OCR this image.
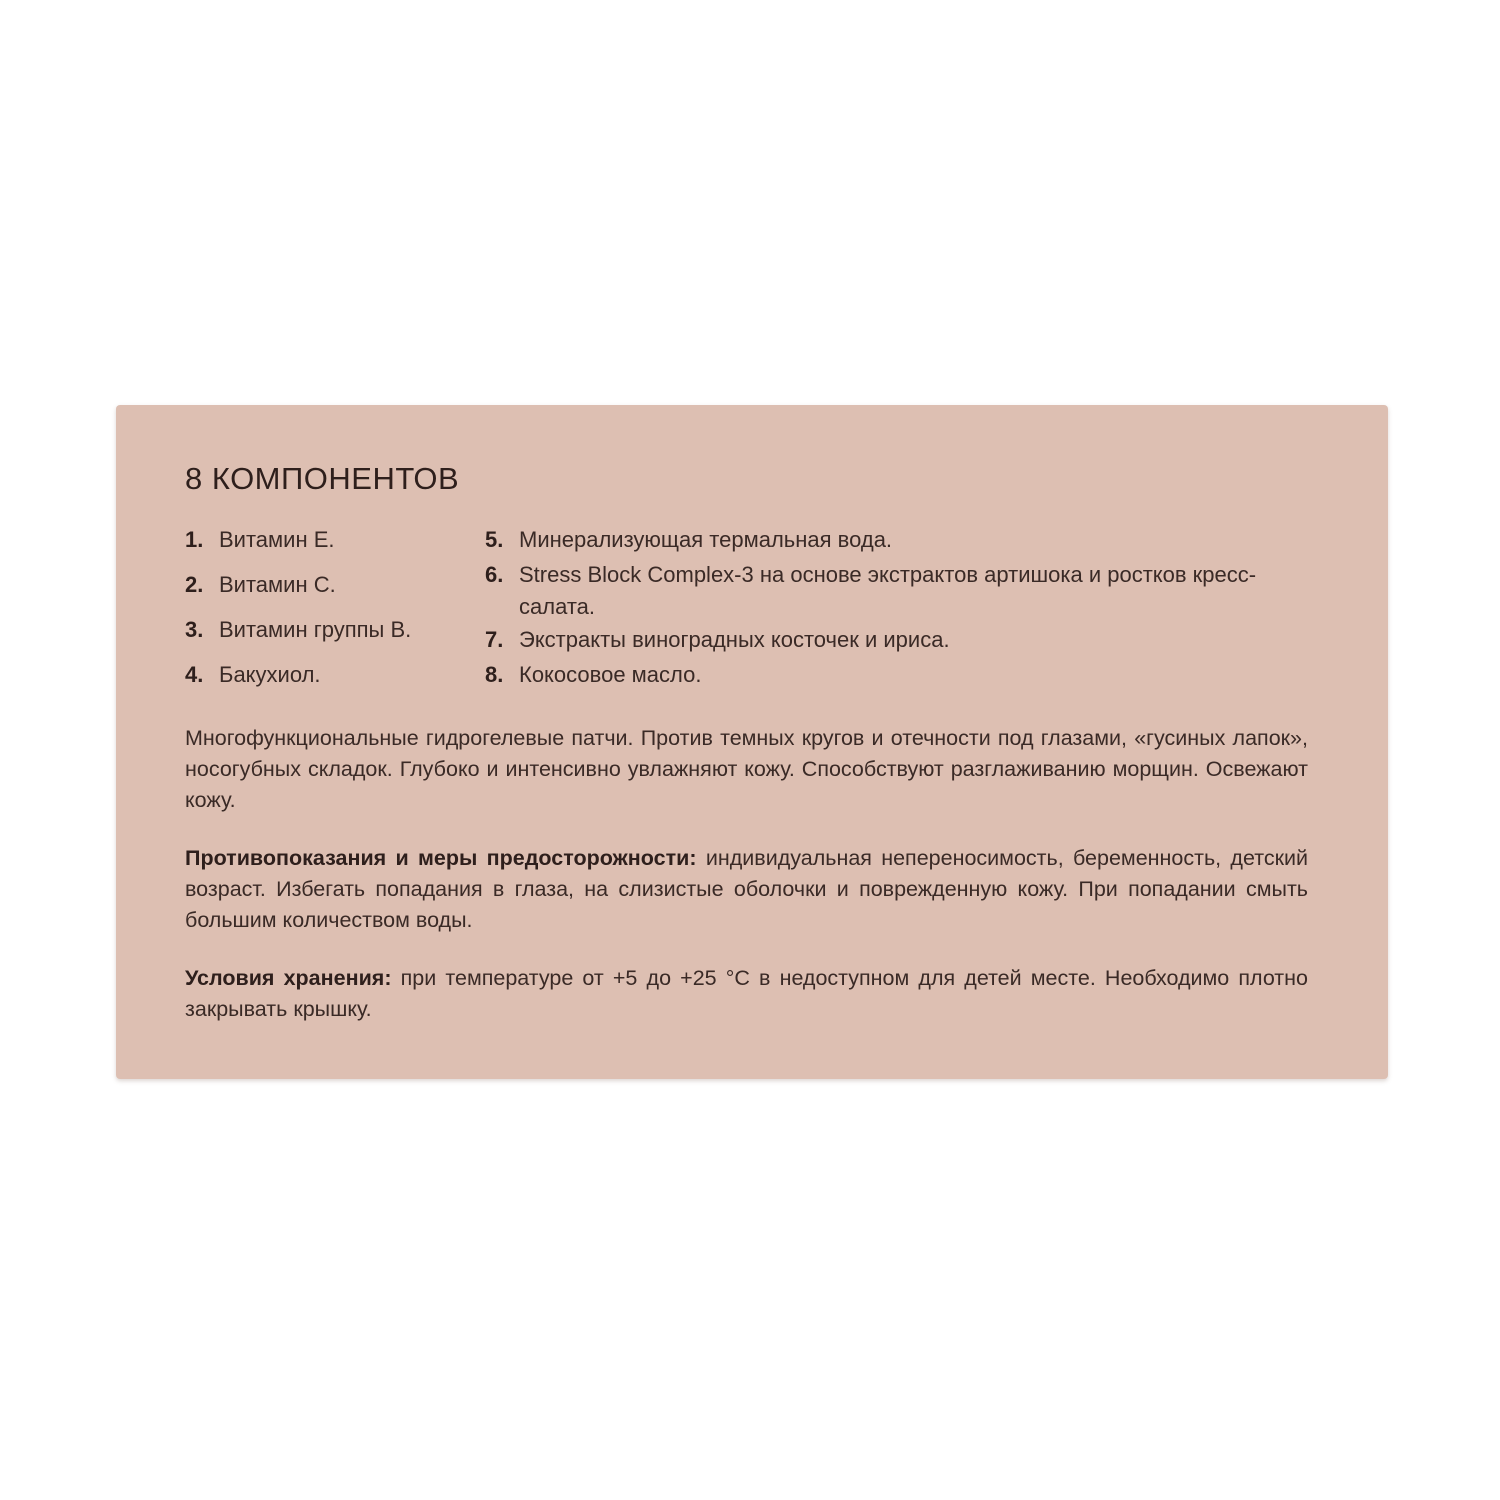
8 КОМПОНЕНТОВ
1. Витамин Е.
2. Витамин С.
3. Витамин группы В.
4. Бакухиол.
5. Минерализующая термальная вода.
6. Stress Block Complex-3 на основе экстрактов артишока и ростков кресс-салата.
7. Экстракты виноградных косточек и ириса.
8. Кокосовое масло.

Многофункциональные гидрогелевые патчи. Против темных кругов и отечности под глазами, «гусиных лапок», носогубных складок. Глубоко и интенсивно увлажняют кожу. Способствуют разглаживанию морщин. Освежают кожу.

Противопоказания и меры предосторожности: индивидуальная непереносимость, беременность, детский возраст. Избегать попадания в глаза, на слизистые оболочки и поврежденную кожу. При попадании смыть большим количеством воды.

Условия хранения: при температуре от +5 до +25 °С в недоступном для детей месте. Необходимо плотно закрывать крышку.
